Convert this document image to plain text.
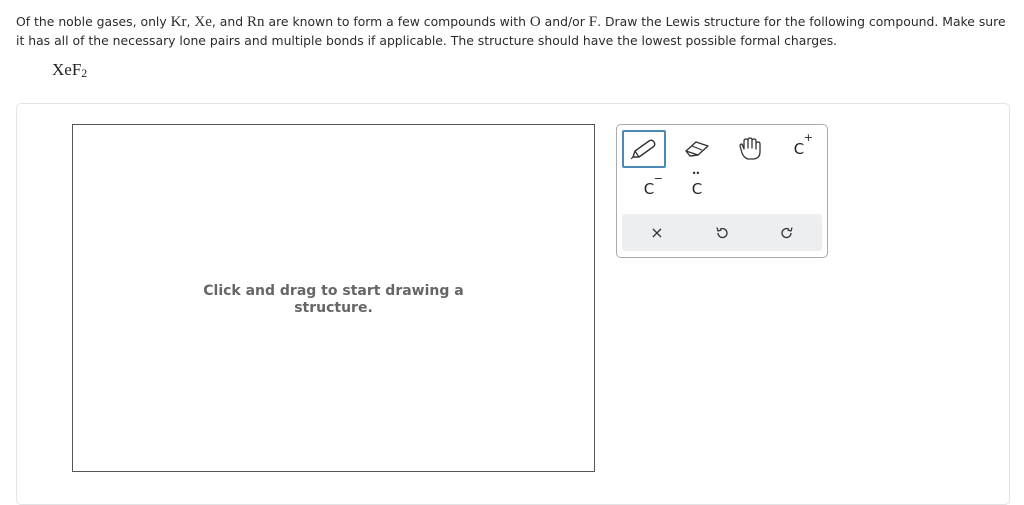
Of the noble gases, only Kr, Xe, and Rn are known to form a few compounds with O and/or F. Draw the Lewis structure for the following compound. Make sure it has all of the necessary lone pairs and multiple bonds if applicable. The structure should have the lowest possible formal charges.
XeF$_2$
Click and drag to start drawing a structure.
C
+
C
−	••
C
×
